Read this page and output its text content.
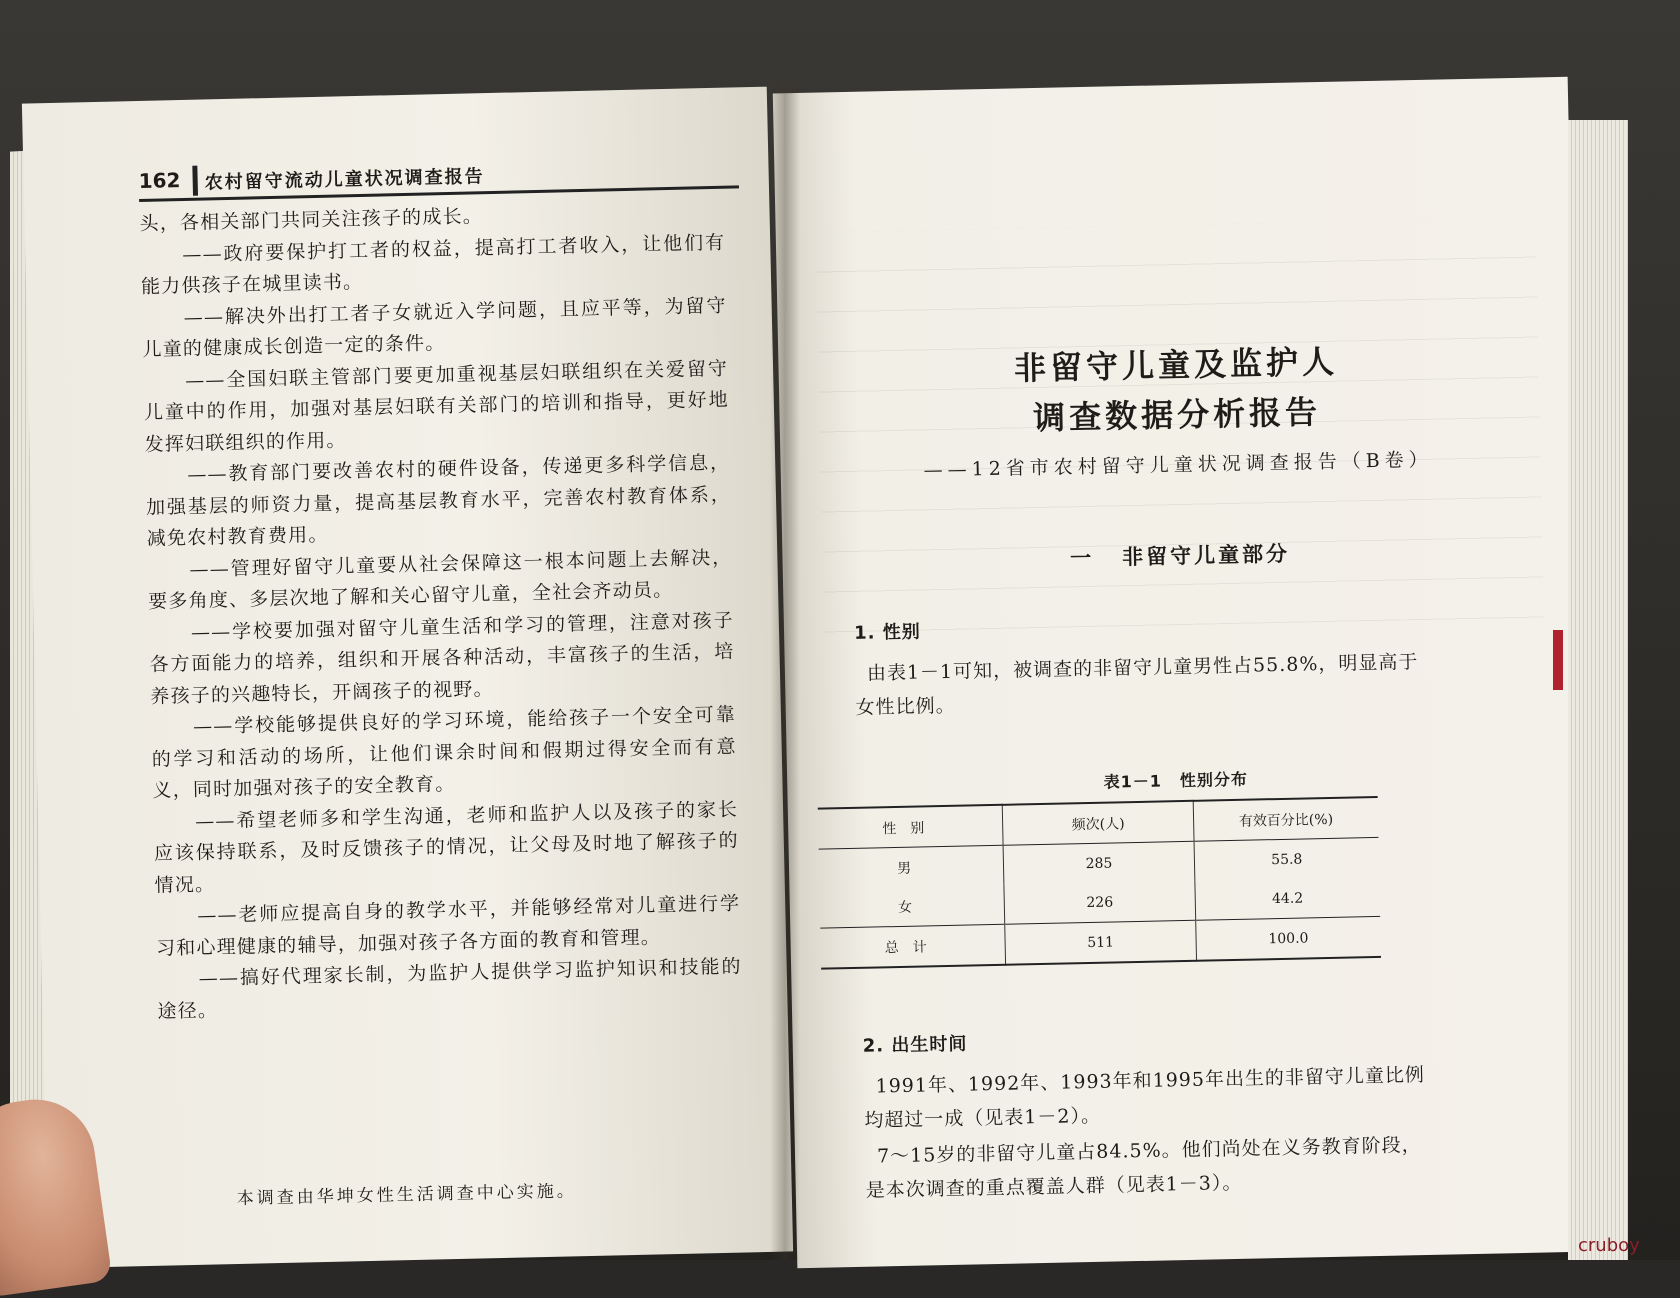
162 农村留守流动儿童状况调查报告

头，各相关部门共同关注孩子的成长。

——政府要保护打工者的权益，提高打工者收入，让他们有能力供孩子在城里读书。

——解决外出打工者子女就近入学问题，且应平等，为留守儿童的健康成长创造一定的条件。

——全国妇联主管部门要更加重视基层妇联组织在关爱留守儿童中的作用，加强对基层妇联有关部门的培训和指导，更好地发挥妇联组织的作用。

——教育部门要改善农村的硬件设备，传递更多科学信息，加强基层的师资力量，提高基层教育水平，完善农村教育体系，减免农村教育费用。

——管理好留守儿童要从社会保障这一根本问题上去解决，要多角度、多层次地了解和关心留守儿童，全社会齐动员。

——学校要加强对留守儿童生活和学习的管理，注意对孩子各方面能力的培养，组织和开展各种活动，丰富孩子的生活，培养孩子的兴趣特长，开阔孩子的视野。

——学校能够提供良好的学习环境，能给孩子一个安全可靠的学习和活动的场所，让他们课余时间和假期过得安全而有意义，同时加强对孩子的安全教育。

——希望老师多和学生沟通，老师和监护人以及孩子的家长应该保持联系，及时反馈孩子的情况，让父母及时地了解孩子的情况。

——老师应提高自身的教学水平，并能够经常对儿童进行学习和心理健康的辅导，加强对孩子各方面的教育和管理。

——搞好代理家长制，为监护人提供学习监护知识和技能的途径。

本调查由华坤女性生活调查中心实施。
非留守儿童及监护人
调查数据分析报告
——12省市农村留守儿童状况调查报告（B卷）
一 非留守儿童部分
1. 性别
由表1－1可知，被调查的非留守儿童男性占55.8%，明显高于女性比例。
表1－1 性别分布
性别	频次(人)	有效百分比(%)
男	285	55.8
女	226	44.2
总计	511	100.0
2. 出生时间
1991年、1992年、1993年和1995年出生的非留守儿童比例均超过一成（见表1－2）。
7～15岁的非留守儿童占84.5%。他们尚处在义务教育阶段，是本次调查的重点覆盖人群（见表1－3）。
cruboy
